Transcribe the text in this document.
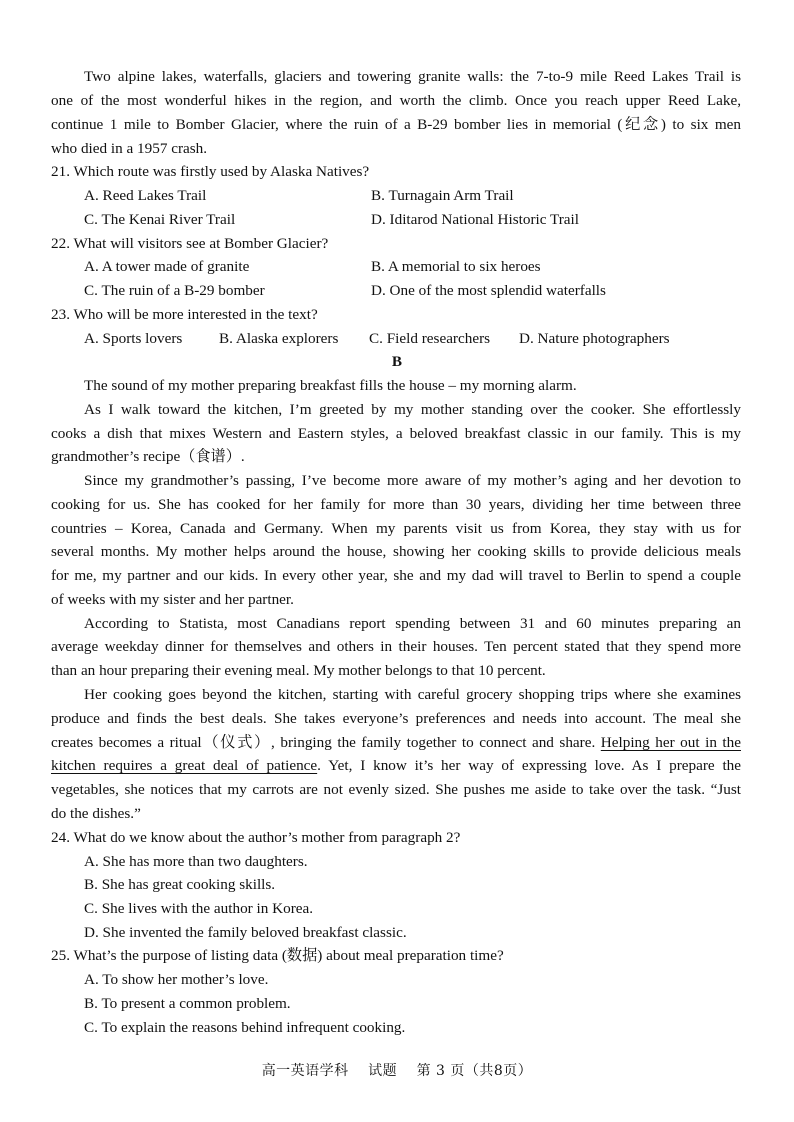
Two alpine lakes, waterfalls, glaciers and towering granite walls: the 7-to-9 mile Reed Lakes Trail is
one of the most wonderful hikes in the region, and worth the climb. Once you reach upper Reed Lake,
continue 1 mile to Bomber Glacier, where the ruin of a B-29 bomber lies in memorial (纪念) to six men
who died in a 1957 crash.
21. Which route was firstly used by Alaska Natives?
A. Reed Lakes Trail	B. Turnagain Arm Trail
C. The Kenai River Trail	D. Iditarod National Historic Trail
22. What will visitors see at Bomber Glacier?
A. A tower made of granite	B. A memorial to six heroes
C. The ruin of a B-29 bomber	D. One of the most splendid waterfalls
23. Who will be more interested in the text?
A. Sports lovers B. Alaska explorers C. Field researchers D. Nature photographers
B
The sound of my mother preparing breakfast fills the house – my morning alarm.
As I walk toward the kitchen, I’m greeted by my mother standing over the cooker. She effortlessly
cooks a dish that mixes Western and Eastern styles, a beloved breakfast classic in our family. This is my
grandmother’s recipe（食谱）.
Since my grandmother’s passing, I’ve become more aware of my mother’s aging and her devotion to
cooking for us. She has cooked for her family for more than 30 years, dividing her time between three
countries – Korea, Canada and Germany. When my parents visit us from Korea, they stay with us for
several months. My mother helps around the house, showing her cooking skills to provide delicious meals
for me, my partner and our kids. In every other year, she and my dad will travel to Berlin to spend a couple
of weeks with my sister and her partner.
According to Statista, most Canadians report spending between 31 and 60 minutes preparing an
average weekday dinner for themselves and others in their houses. Ten percent stated that they spend more
than an hour preparing their evening meal. My mother belongs to that 10 percent.
Her cooking goes beyond the kitchen, starting with careful grocery shopping trips where she examines
produce and finds the best deals. She takes everyone’s preferences and needs into account. The meal she
creates becomes a ritual（仪式）, bringing the family together to connect and share. Helping her out in the
kitchen requires a great deal of patience. Yet, I know it’s her way of expressing love. As I prepare the
vegetables, she notices that my carrots are not evenly sized. She pushes me aside to take over the task. “Just
do the dishes.”
24. What do we know about the author’s mother from paragraph 2?
A. She has more than two daughters.
B. She has great cooking skills.
C. She lives with the author in Korea.
D. She invented the family beloved breakfast classic.
25. What’s the purpose of listing data (数据) about meal preparation time?
A. To show her mother’s love.
B. To present a common problem.
C. To explain the reasons behind infrequent cooking.
高一英语学科　 试题　 第 3 页（共8页）
